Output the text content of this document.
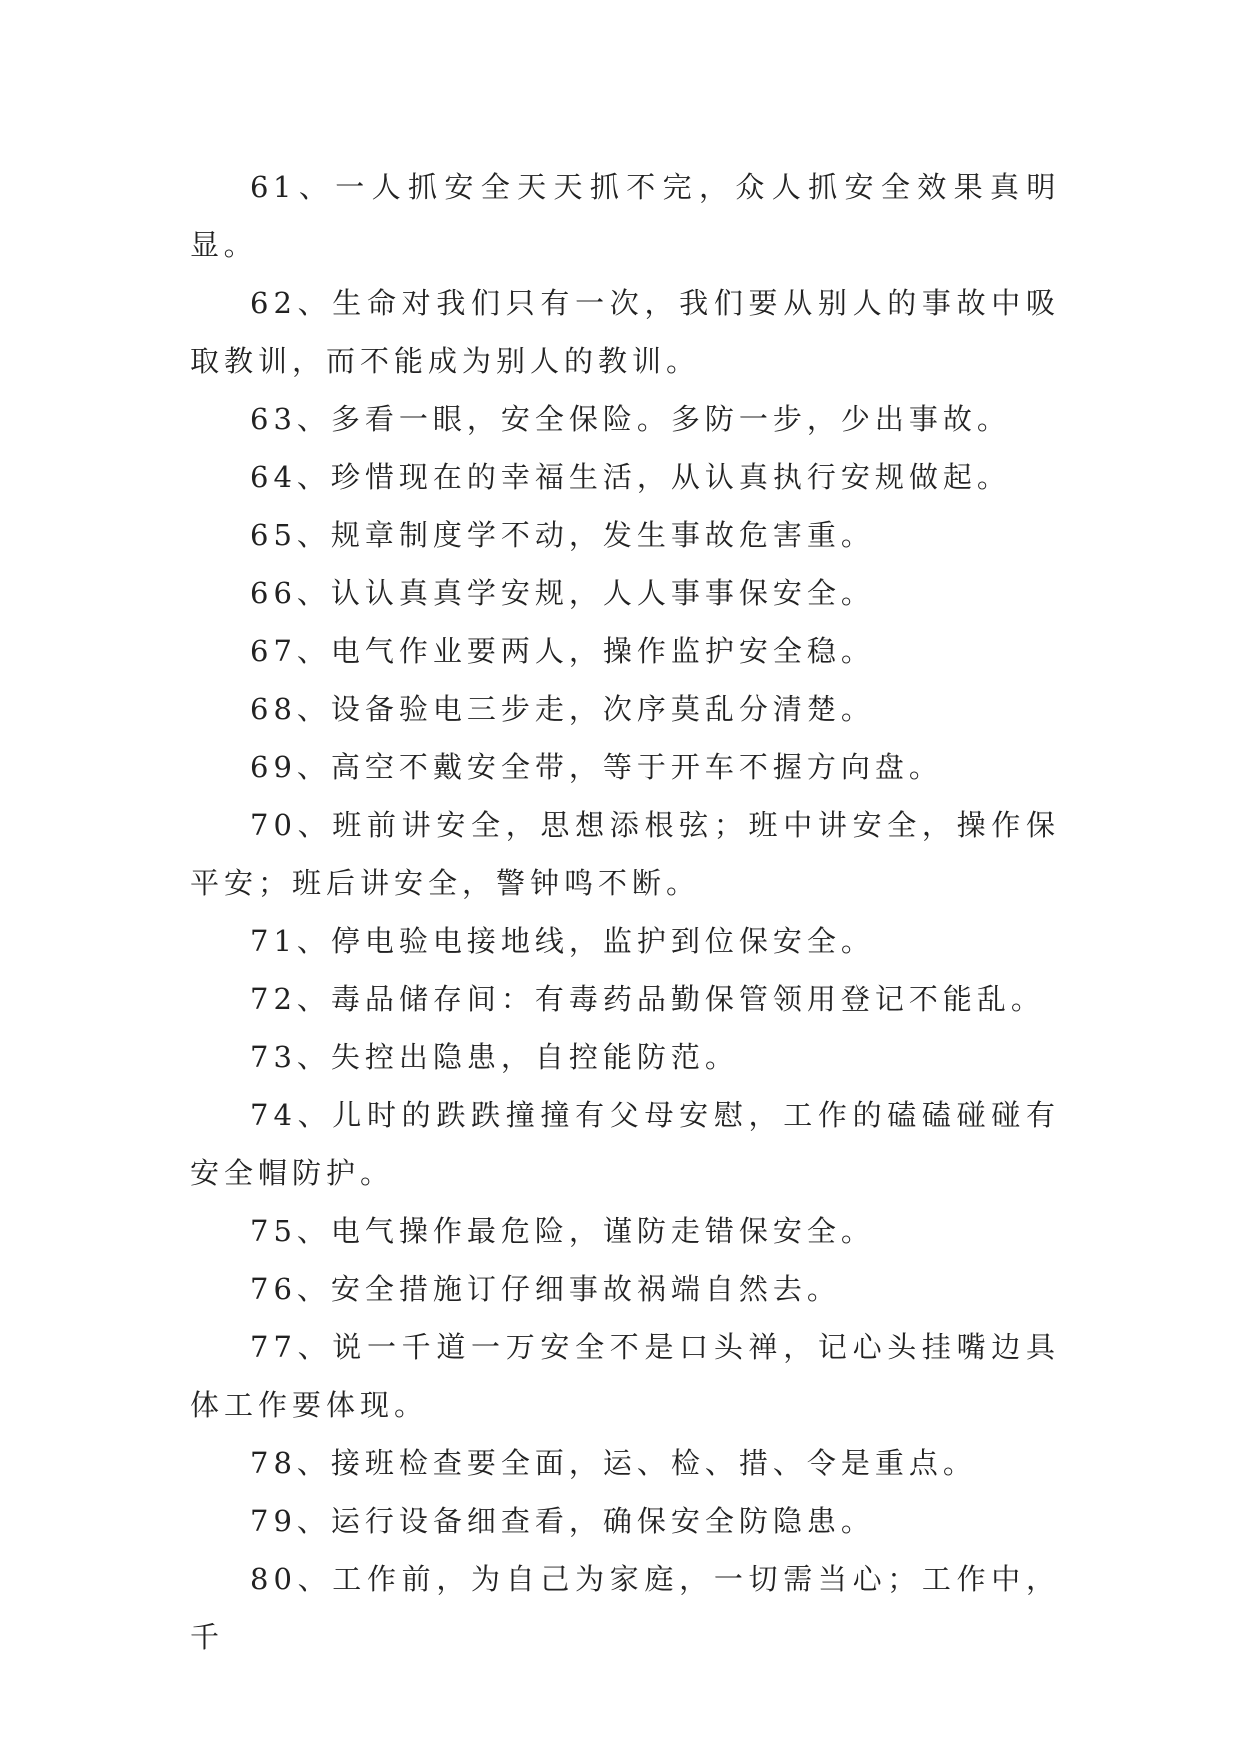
61、一人抓安全天天抓不完，众人抓安全效果真明显。

62、生命对我们只有一次，我们要从别人的事故中吸取教训，而不能成为别人的教训。

63、多看一眼，安全保险。多防一步，少出事故。

64、珍惜现在的幸福生活，从认真执行安规做起。

65、规章制度学不动，发生事故危害重。

66、认认真真学安规，人人事事保安全。

67、电气作业要两人，操作监护安全稳。

68、设备验电三步走，次序莫乱分清楚。

69、高空不戴安全带，等于开车不握方向盘。

70、班前讲安全，思想添根弦；班中讲安全，操作保平安；班后讲安全，警钟鸣不断。

71、停电验电接地线，监护到位保安全。

72、毒品储存间：有毒药品勤保管领用登记不能乱。

73、失控出隐患，自控能防范。

74、儿时的跌跌撞撞有父母安慰，工作的磕磕碰碰有安全帽防护。

75、电气操作最危险，谨防走错保安全。

76、安全措施订仔细事故祸端自然去。

77、说一千道一万安全不是口头禅，记心头挂嘴边具体工作要体现。

78、接班检查要全面，运、检、措、令是重点。

79、运行设备细查看，确保安全防隐患。

80、工作前，为自己为家庭，一切需当心；工作中，千
